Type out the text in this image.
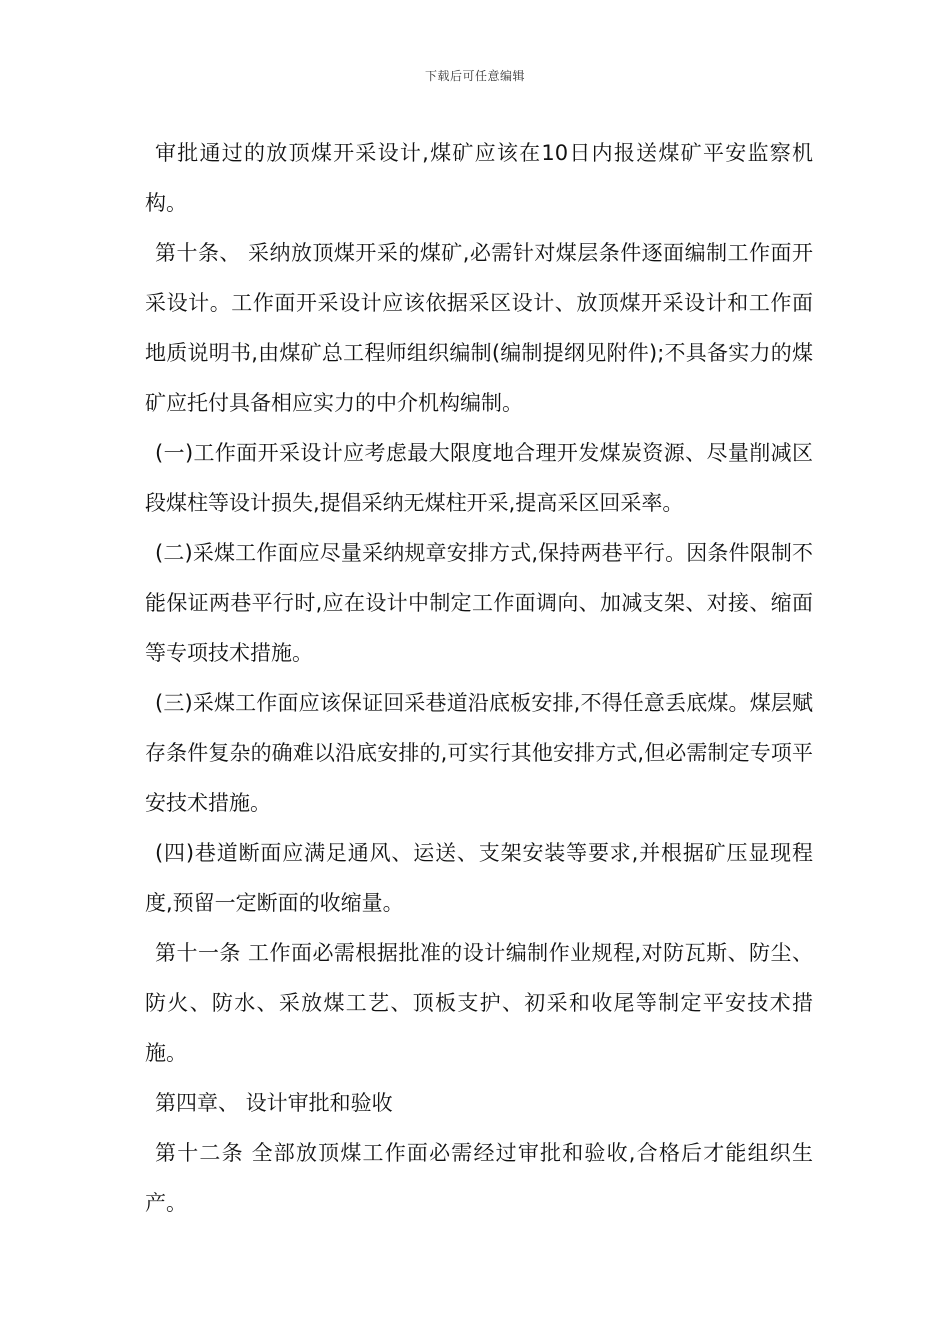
下载后可任意编辑

审批通过的放顶煤开采设计,煤矿应该在10日内报送煤矿平安监察机构。

第十条、 采纳放顶煤开采的煤矿,必需针对煤层条件逐面编制工作面开采设计。工作面开采设计应该依据采区设计、放顶煤开采设计和工作面地质说明书,由煤矿总工程师组织编制(编制提纲见附件);不具备实力的煤矿应托付具备相应实力的中介机构编制。

(一)工作面开采设计应考虑最大限度地合理开发煤炭资源、尽量削减区段煤柱等设计损失,提倡采纳无煤柱开采,提高采区回采率。

(二)采煤工作面应尽量采纳规章安排方式,保持两巷平行。因条件限制不能保证两巷平行时,应在设计中制定工作面调向、加减支架、对接、缩面等专项技术措施。

(三)采煤工作面应该保证回采巷道沿底板安排,不得任意丢底煤。煤层赋存条件复杂的确难以沿底安排的,可实行其他安排方式,但必需制定专项平安技术措施。

(四)巷道断面应满足通风、运送、支架安装等要求,并根据矿压显现程度,预留一定断面的收缩量。

第十一条 工作面必需根据批准的设计编制作业规程,对防瓦斯、防尘、防火、防水、采放煤工艺、顶板支护、初采和收尾等制定平安技术措施。

第四章、 设计审批和验收

第十二条 全部放顶煤工作面必需经过审批和验收,合格后才能组织生产。
